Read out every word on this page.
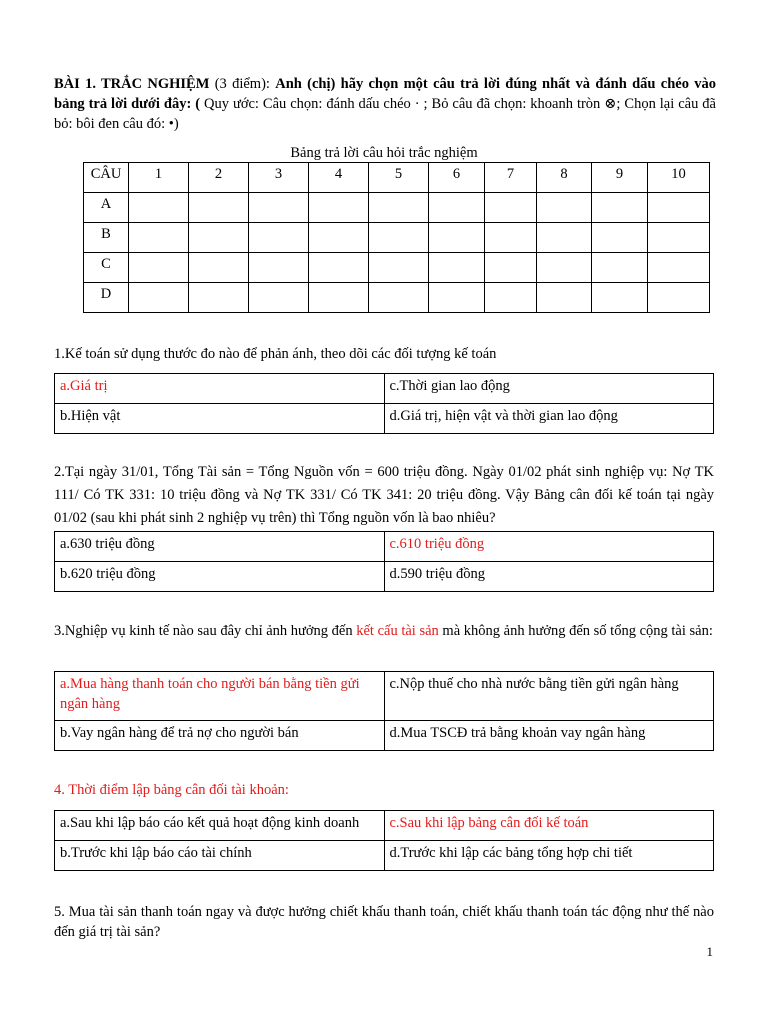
BÀI 1. TRẮC NGHIỆM (3 điểm): Anh (chị) hãy chọn một câu trả lời đúng nhất và đánh dấu chéo vào bảng trả lời dưới đây: ( Quy ước: Câu chọn: đánh dấu chéo · ; Bỏ câu đã chọn: khoanh tròn ⊗; Chọn lại câu đã bỏ: bôi đen câu đó: •)
Bảng trả lời câu hỏi trắc nghiệm
CÂU	1	2	3	4	5	6	7	8	9	10

A										

B										

C										

D										

1.Kế toán sử dụng thước đo nào để phản ánh, theo dõi các đối tượng kế toán
a.Giá trị	c.Thời gian lao động
b.Hiện vật	d.Giá trị, hiện vật và thời gian lao động
2.Tại ngày 31/01, Tổng Tài sản = Tổng Nguồn vốn = 600 triệu đồng. Ngày 01/02 phát sinh nghiệp vụ: Nợ TK 111/ Có TK 331: 10 triệu đồng và Nợ TK 331/ Có TK 341: 20 triệu đồng. Vậy Bảng cân đối kế toán tại ngày 01/02 (sau khi phát sinh 2 nghiệp vụ trên) thì Tổng nguồn vốn là bao nhiêu?
a.630 triệu đồng	c.610 triệu đồng
b.620 triệu đồng	d.590 triệu đồng
3.Nghiệp vụ kinh tế nào sau đây chỉ ảnh hưởng đến kết cấu tài sản mà không ảnh hưởng đến số tổng cộng tài sản:
a.Mua hàng thanh toán cho người bán bằng tiền gửi ngân hàng	c.Nộp thuế cho nhà nước bằng tiền gửi ngân hàng
b.Vay ngân hàng để trả nợ cho người bán	d.Mua TSCĐ trả bằng khoản vay ngân hàng
4. Thời điểm lập bảng cân đối tài khoản:
a.Sau khi lập báo cáo kết quả hoạt động kinh doanh	c.Sau khi lập bảng cân đối kế toán
b.Trước khi lập báo cáo tài chính	d.Trước khi lập các bảng tổng hợp chi tiết
5. Mua tài sản thanh toán ngay và được hưởng chiết khấu thanh toán, chiết khấu thanh toán tác động như thế nào đến giá trị tài sản?
1
